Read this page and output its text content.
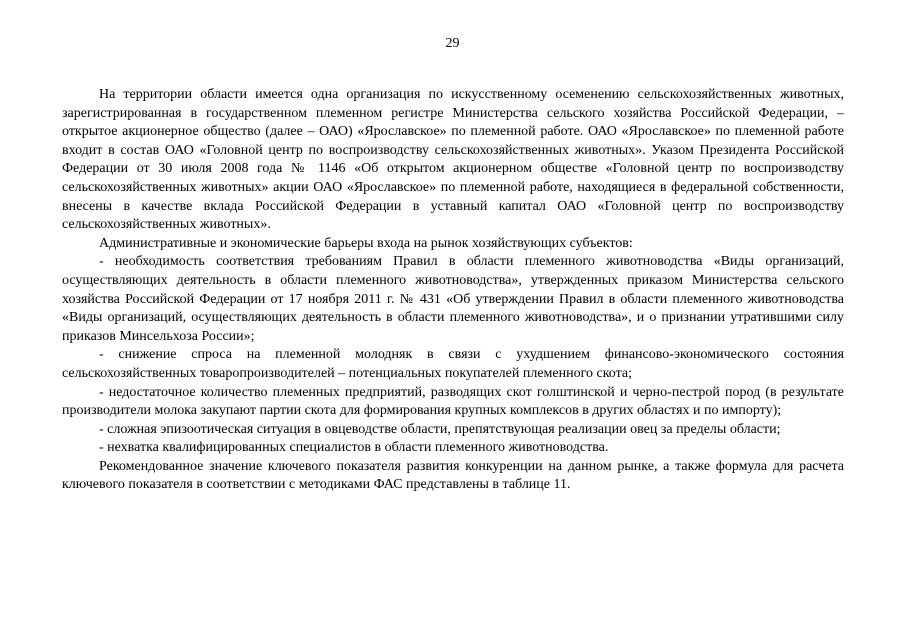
29

На территории области имеется одна организация по искусственному осеменению сельскохозяйственных животных, зарегистрированная в государственном племенном регистре Министерства сельского хозяйства Российской Федерации, – открытое акционерное общество (далее – ОАО) «Ярославское» по племенной работе. ОАО «Ярославское» по племенной работе входит в состав ОАО «Головной центр по воспроизводству сельскохозяйственных животных». Указом Президента Российской Федерации от 30 июля 2008 года № 1146 «Об открытом акционерном обществе «Головной центр по воспроизводству сельскохозяйственных животных» акции ОАО «Ярославское» по племенной работе, находящиеся в федеральной собственности, внесены в качестве вклада Российской Федерации в уставный капитал ОАО «Головной центр по воспроизводству сельскохозяйственных животных».

Административные и экономические барьеры входа на рынок хозяйствующих субъектов:

- необходимость соответствия требованиям Правил в области племенного животноводства «Виды организаций, осуществляющих деятельность в области племенного животноводства», утвержденных приказом Министерства сельского хозяйства Российской Федерации от 17 ноября 2011 г. № 431 «Об утверждении Правил в области племенного животноводства «Виды организаций, осуществляющих деятельность в области племенного животноводства», и о признании утратившими силу приказов Минсельхоза России»;

- снижение спроса на племенной молодняк в связи с ухудшением финансово-экономического состояния сельскохозяйственных товаропроизводителей – потенциальных покупателей племенного скота;

- недостаточное количество племенных предприятий, разводящих скот голштинской и черно-пестрой пород (в результате производители молока закупают партии скота для формирования крупных комплексов в других областях и по импорту);

- сложная эпизоотическая ситуация в овцеводстве области, препятствующая реализации овец за пределы области;

- нехватка квалифицированных специалистов в области племенного животноводства.

Рекомендованное значение ключевого показателя развития конкуренции на данном рынке, а также формула для расчета ключевого показателя в соответствии с методиками ФАС представлены в таблице 11.
